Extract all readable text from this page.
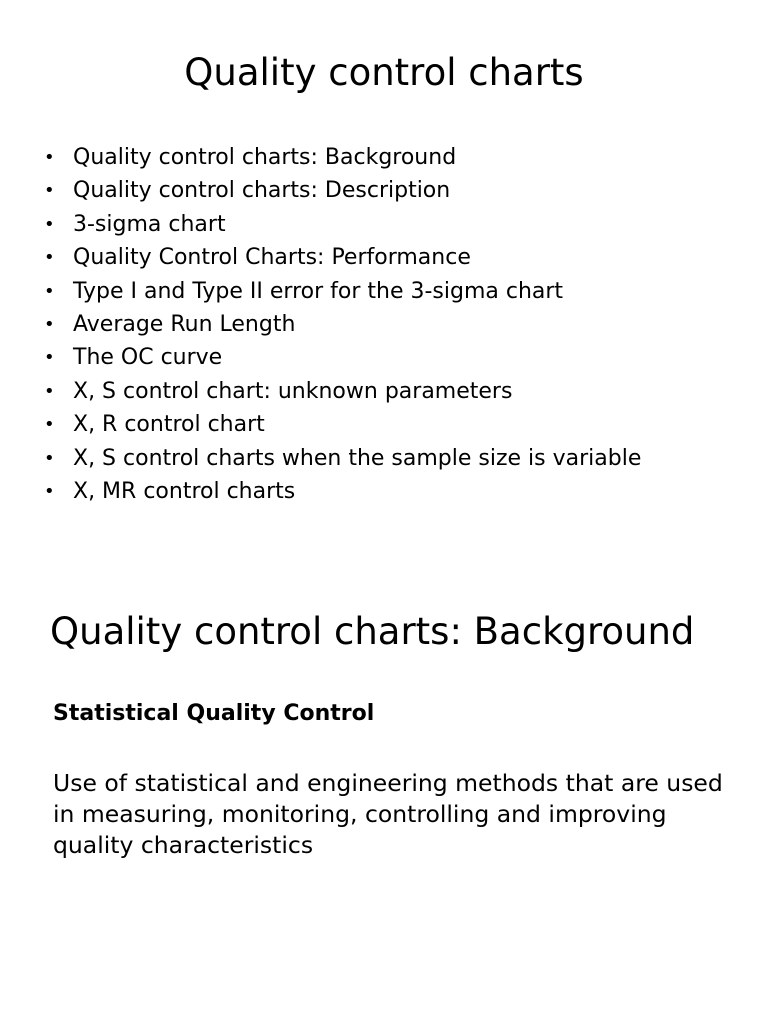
Quality control charts
• Quality control charts: Background
• Quality control charts: Description
• 3-sigma chart
• Quality Control Charts: Performance
• Type I and Type II error for the 3-sigma chart
• Average Run Length
• The OC curve
• X, S control chart: unknown parameters
• X, R control chart
• X, S control charts when the sample size is variable
• X, MR control charts
Quality control charts: Background
Statistical Quality Control

Use of statistical and engineering methods that are used in measuring, monitoring, controlling and improving quality characteristics
